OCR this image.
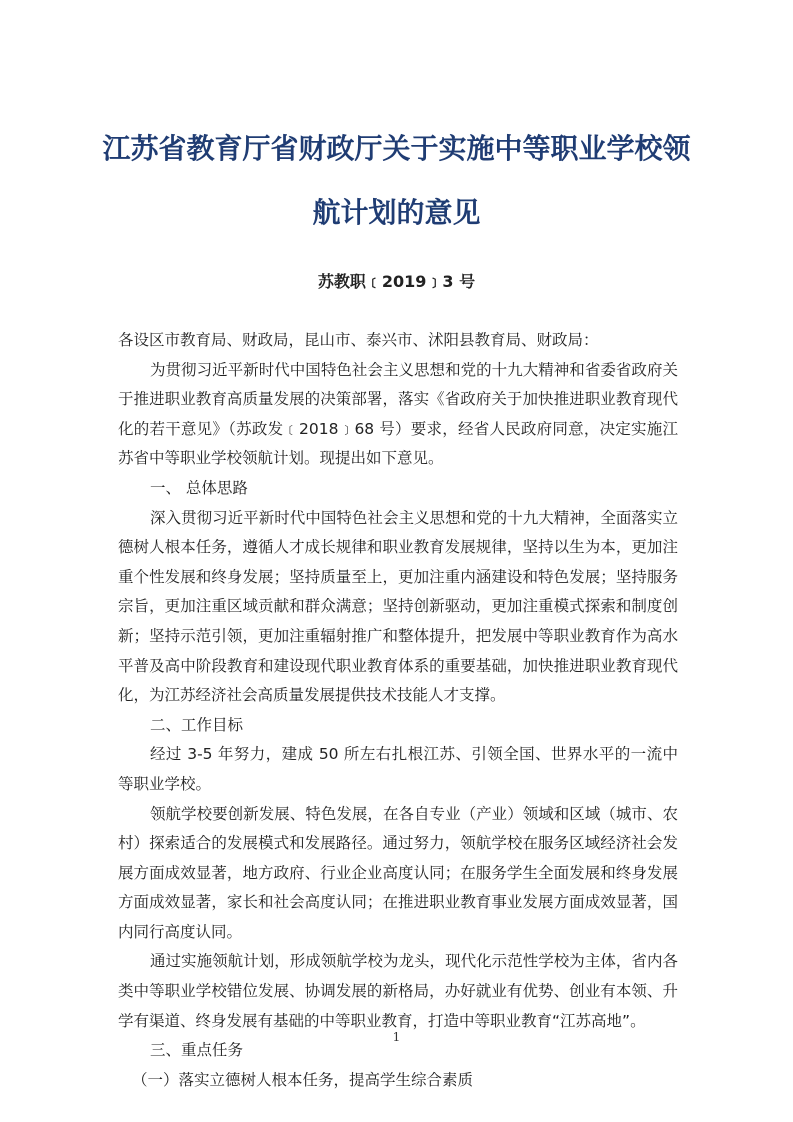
江苏省教育厅省财政厅关于实施中等职业学校领
航计划的意见

苏教职﹝2019﹞3 号

各设区市教育局、财政局，昆山市、泰兴市、沭阳县教育局、财政局：

为贯彻习近平新时代中国特色社会主义思想和党的十九大精神和省委省政府关于推进职业教育高质量发展的决策部署，落实《省政府关于加快推进职业教育现代化的若干意见》（苏政发﹝2018﹞68 号）要求，经省人民政府同意，决定实施江苏省中等职业学校领航计划。现提出如下意见。

一、 总体思路

深入贯彻习近平新时代中国特色社会主义思想和党的十九大精神，全面落实立德树人根本任务，遵循人才成长规律和职业教育发展规律，坚持以生为本，更加注重个性发展和终身发展；坚持质量至上，更加注重内涵建设和特色发展；坚持服务宗旨，更加注重区域贡献和群众满意；坚持创新驱动，更加注重模式探索和制度创新；坚持示范引领，更加注重辐射推广和整体提升，把发展中等职业教育作为高水平普及高中阶段教育和建设现代职业教育体系的重要基础，加快推进职业教育现代化，为江苏经济社会高质量发展提供技术技能人才支撑。

二、工作目标

经过 3-5 年努力，建成 50 所左右扎根江苏、引领全国、世界水平的一流中等职业学校。

领航学校要创新发展、特色发展，在各自专业（产业）领域和区域（城市、农村）探索适合的发展模式和发展路径。通过努力，领航学校在服务区域经济社会发展方面成效显著，地方政府、行业企业高度认同；在服务学生全面发展和终身发展方面成效显著，家长和社会高度认同；在推进职业教育事业发展方面成效显著，国内同行高度认同。

通过实施领航计划，形成领航学校为龙头，现代化示范性学校为主体，省内各类中等职业学校错位发展、协调发展的新格局，办好就业有优势、创业有本领、升学有渠道、终身发展有基础的中等职业教育，打造中等职业教育“江苏高地”。

三、重点任务

（一）落实立德树人根本任务，提高学生综合素质

1
